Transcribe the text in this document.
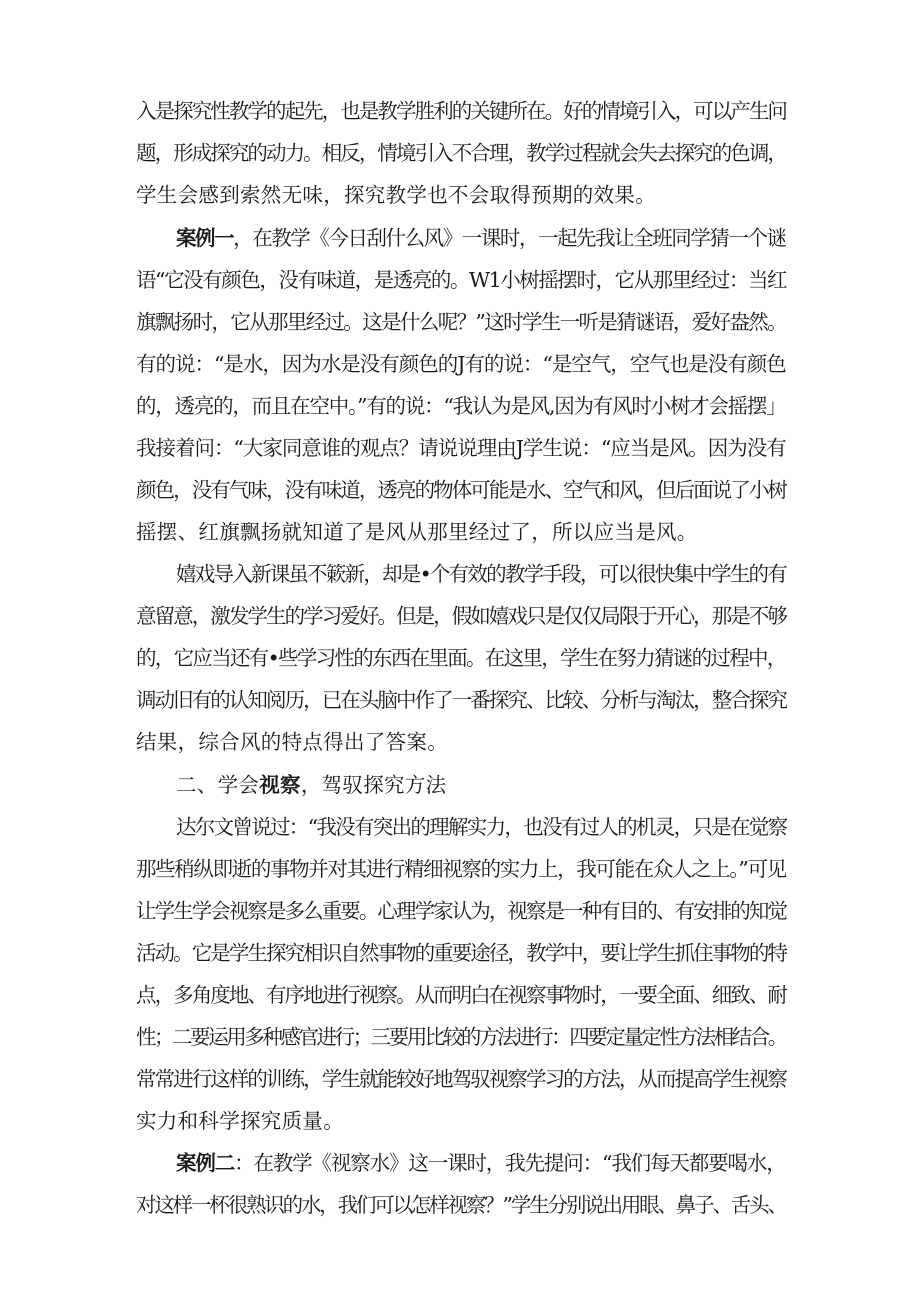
入是探究性教学的起先，也是教学胜利的关键所在。好的情境引入，可以产生问
题，形成探究的动力。相反，情境引入不合理，教学过程就会失去探究的色调，
学生会感到索然无味，探究教学也不会取得预期的效果。
案例一，在教学《今日刮什么风》一课时，一起先我让全班同学猜一个谜
语“它没有颜色，没有味道，是透亮的。W1小树摇摆时，它从那里经过：当红
旗飘扬时，它从那里经过。这是什么呢？”这时学生一听是猜谜语，爱好盎然。
有的说：“是水，因为水是没有颜色的J有的说：“是空气，空气也是没有颜色
的，透亮的，而且在空中。”有的说：“我认为是风,因为有风时小树才会摇摆」
我接着问：“大家同意谁的观点？请说说理由J学生说：“应当是风。因为没有
颜色，没有气味，没有味道，透亮的物体可能是水、空气和风，但后面说了小树
摇摆、红旗飘扬就知道了是风从那里经过了，所以应当是风。
嬉戏导入新课虽不簌新，却是•个有效的教学手段，可以很快集中学生的有
意留意，激发学生的学习爱好。但是，假如嬉戏只是仅仅局限于开心，那是不够
的，它应当还有•些学习性的东西在里面。在这里，学生在努力猜谜的过程中，
调动旧有的认知阅历，已在头脑中作了一番探究、比较、分析与淘汰，整合探究
结果，综合风的特点得出了答案。
二、学会视察，驾驭探究方法
达尔文曾说过：“我没有突出的理解实力，也没有过人的机灵，只是在觉察
那些稍纵即逝的事物并对其进行精细视察的实力上，我可能在众人之上。”可见
让学生学会视察是多么重要。心理学家认为，视察是一种有目的、有安排的知觉
活动。它是学生探究相识自然事物的重要途径，教学中，要让学生抓住事物的特
点，多角度地、有序地进行视察。从而明白在视察事物时，一要全面、细致、耐
性；二要运用多种感官进行；三要用比较的方法进行：四要定量定性方法相结合。
常常进行这样的训练，学生就能较好地驾驭视察学习的方法，从而提高学生视察
实力和科学探究质量。
案例二：在教学《视察水》这一课时，我先提问：“我们每天都要喝水，
对这样一杯很熟识的水，我们可以怎样视察？”学生分别说出用眼、鼻子、舌头、
